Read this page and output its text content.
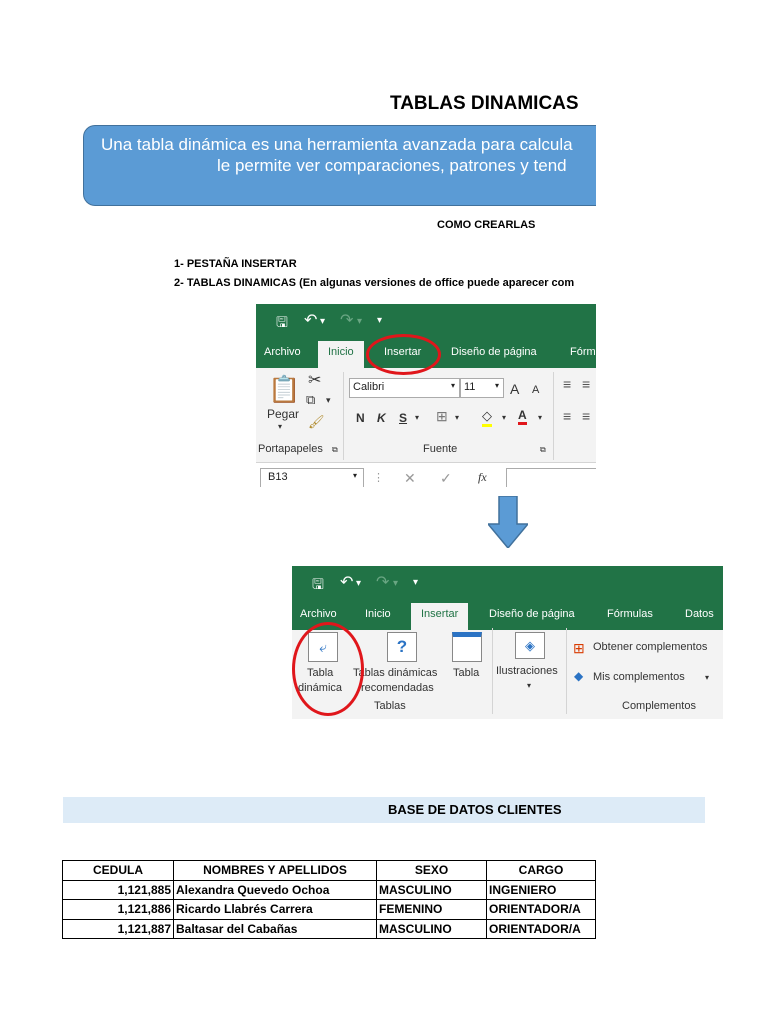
TABLAS DINAMICAS
Una tabla dinámica es una herramienta avanzada para calcula
le permite ver comparaciones, patrones y tend
COMO CREARLAS
1- PESTAÑA INSERTAR
2- TABLAS DINAMICAS (En algunas versiones de office puede aparecer com
🖫 ↶ ▾ ↷ ▾ ▾
Archivo	Inicio	Insertar	Diseño de página	Fórm
📋 ✂
⧉ ▾
🖌
Pegar
▾
Portapapeles ⧉
Calibri	▾ 11 ▾ A A
N K S ▾ ⊞ ▾ ◇ ▾ A ▾
Fuente	⧉
≡ ≡
≡ ≡
B13	▾ ⋮ ✕ ✓ fx
🖫 ↶ ▾ ↷ ▾ ▾
Archivo	Inicio	Insertar	Diseño de página	Fórmulas	Datos
⤶
Tabla
dinámica
?
Tablas dinámicas
recomendadas
Tabla
Tablas
◈
Ilustraciones
▾
⊞ Obtener complementos
◆ Mis complementos	▾
Complementos
BASE DE DATOS CLIENTES
CEDULA	NOMBRES Y APELLIDOS	SEXO	CARGO
1,121,885	Alexandra Quevedo Ochoa	MASCULINO	INGENIERO
1,121,886	Ricardo Llabrés Carrera	FEMENINO	ORIENTADOR/A
1,121,887	Baltasar del Cabañas	MASCULINO	ORIENTADOR/A
